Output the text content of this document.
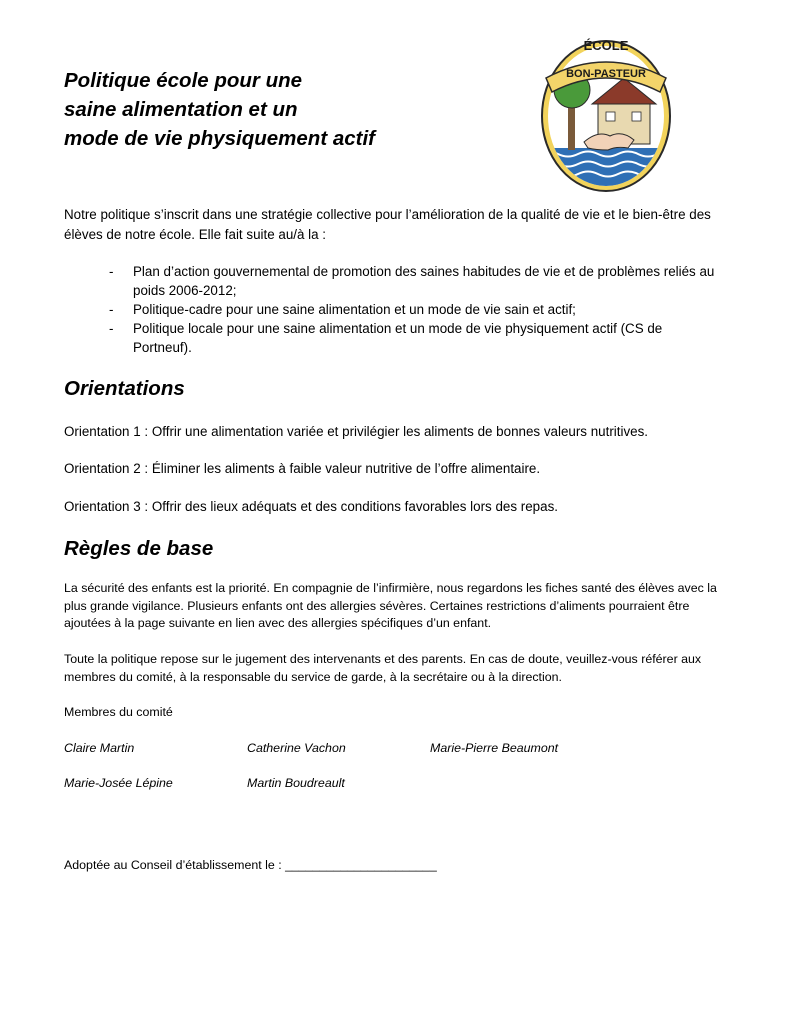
Politique école pour une
saine alimentation et un
mode de vie physiquement actif
ÉCOLE
BON-PASTEUR
Notre politique s’inscrit dans une stratégie collective pour l’amélioration de la qualité de vie et le bien-être des élèves de notre école. Elle fait suite au/à la :
- Plan d’action gouvernemental de promotion des saines habitudes de vie et de problèmes reliés au poids 2006-2012;
- Politique-cadre pour une saine alimentation et un mode de vie sain et actif;
- Politique locale pour une saine alimentation et un mode de vie physiquement actif (CS de Portneuf).
Orientations
Orientation 1 : Offrir une alimentation variée et privilégier les aliments de bonnes valeurs nutritives.
Orientation 2 : Éliminer les aliments à faible valeur nutritive de l’offre alimentaire.
Orientation 3 : Offrir des lieux adéquats et des conditions favorables lors des repas.
Règles de base
La sécurité des enfants est la priorité. En compagnie de l’infirmière, nous regardons les fiches santé des élèves avec la plus grande vigilance. Plusieurs enfants ont des allergies sévères. Certaines restrictions d’aliments pourraient être ajoutées à la page suivante en lien avec des allergies spécifiques d’un enfant.
Toute la politique repose sur le jugement des intervenants et des parents. En cas de doute, veuillez-vous référer aux membres du comité, à la responsable du service de garde, à la secrétaire ou à la direction.
Membres du comité
Claire Martin	Catherine Vachon	Marie-Pierre Beaumont
Marie-Josée Lépine	Martin Boudreault
Adoptée au Conseil d’établissement le : ______________________
